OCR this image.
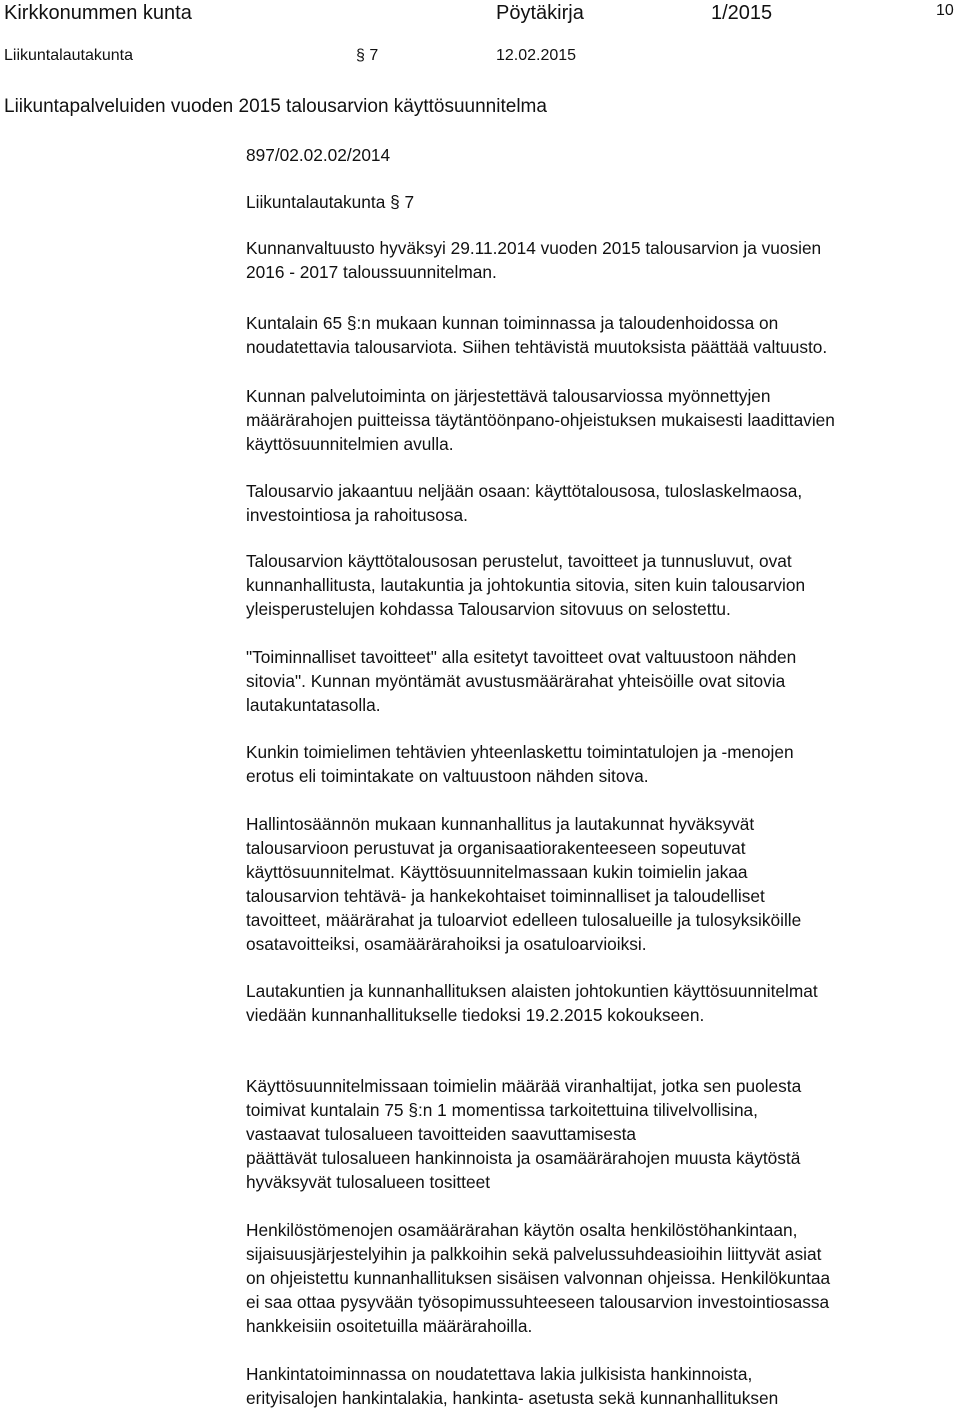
Kirkkonummen kunta	Pöytäkirja	1/2015	10
Liikuntalautakunta	§ 7	12.02.2015
Liikuntapalveluiden vuoden 2015 talousarvion käyttösuunnitelma
897/02.02.02/2014
Liikuntalautakunta § 7
Kunnanvaltuusto hyväksyi 29.11.2014 vuoden 2015 talousarvion ja vuosien
2016 - 2017 taloussuunnitelman.
Kuntalain 65 §:n mukaan kunnan toiminnassa ja taloudenhoidossa on
noudatettavia talousarviota. Siihen tehtävistä muutoksista päättää valtuusto.
Kunnan palvelutoiminta on järjestettävä talousarviossa myönnettyjen
määrärahojen puitteissa täytäntöönpano-ohjeistuksen mukaisesti laadittavien
käyttösuunnitelmien avulla.
Talousarvio jakaantuu neljään osaan: käyttötalousosa, tuloslaskelmaosa,
investointiosa ja rahoitusosa.
Talousarvion käyttötalousosan perustelut, tavoitteet ja tunnusluvut, ovat
kunnanhallitusta, lautakuntia ja johtokuntia sitovia, siten kuin talousarvion
yleisperustelujen kohdassa Talousarvion sitovuus on selostettu.
"Toiminnalliset tavoitteet" alla esitetyt tavoitteet ovat valtuustoon nähden
sitovia". Kunnan myöntämät avustusmäärärahat yhteisöille ovat sitovia
lautakuntatasolla.
Kunkin toimielimen tehtävien yhteenlaskettu toimintatulojen ja -menojen
erotus eli toimintakate on valtuustoon nähden sitova.
Hallintosäännön mukaan kunnanhallitus ja lautakunnat hyväksyvät
talousarvioon perustuvat ja organisaatiorakenteeseen sopeutuvat
käyttösuunnitelmat. Käyttösuunnitelmassaan kukin toimielin jakaa
talousarvion tehtävä- ja hankekohtaiset toiminnalliset ja taloudelliset
tavoitteet, määrärahat ja tuloarviot edelleen tulosalueille ja tulosyksiköille
osatavoitteiksi, osamäärärahoiksi ja osatuloarvioiksi.
Lautakuntien ja kunnanhallituksen alaisten johtokuntien käyttösuunnitelmat
viedään kunnanhallitukselle tiedoksi 19.2.2015 kokoukseen.
Käyttösuunnitelmissaan toimielin määrää viranhaltijat, jotka sen puolesta
toimivat kuntalain 75 §:n 1 momentissa tarkoitettuina tilivelvollisina,
vastaavat tulosalueen tavoitteiden saavuttamisesta
päättävät tulosalueen hankinnoista ja osamäärärahojen muusta käytöstä
hyväksyvät tulosalueen tositteet
Henkilöstömenojen osamäärärahan käytön osalta henkilöstöhankintaan,
sijaisuusjärjestelyihin ja palkkoihin sekä palvelussuhdeasioihin liittyvät asiat
on ohjeistettu kunnanhallituksen sisäisen valvonnan ohjeissa. Henkilökuntaa
ei saa ottaa pysyvään työsopimussuhteeseen talousarvion investointiosassa
hankkeisiin osoitetuilla määrärahoilla.
Hankintatoiminnassa on noudatettava lakia julkisista hankinnoista,
erityisalojen hankintalakia, hankinta- asetusta sekä kunnanhallituksen
